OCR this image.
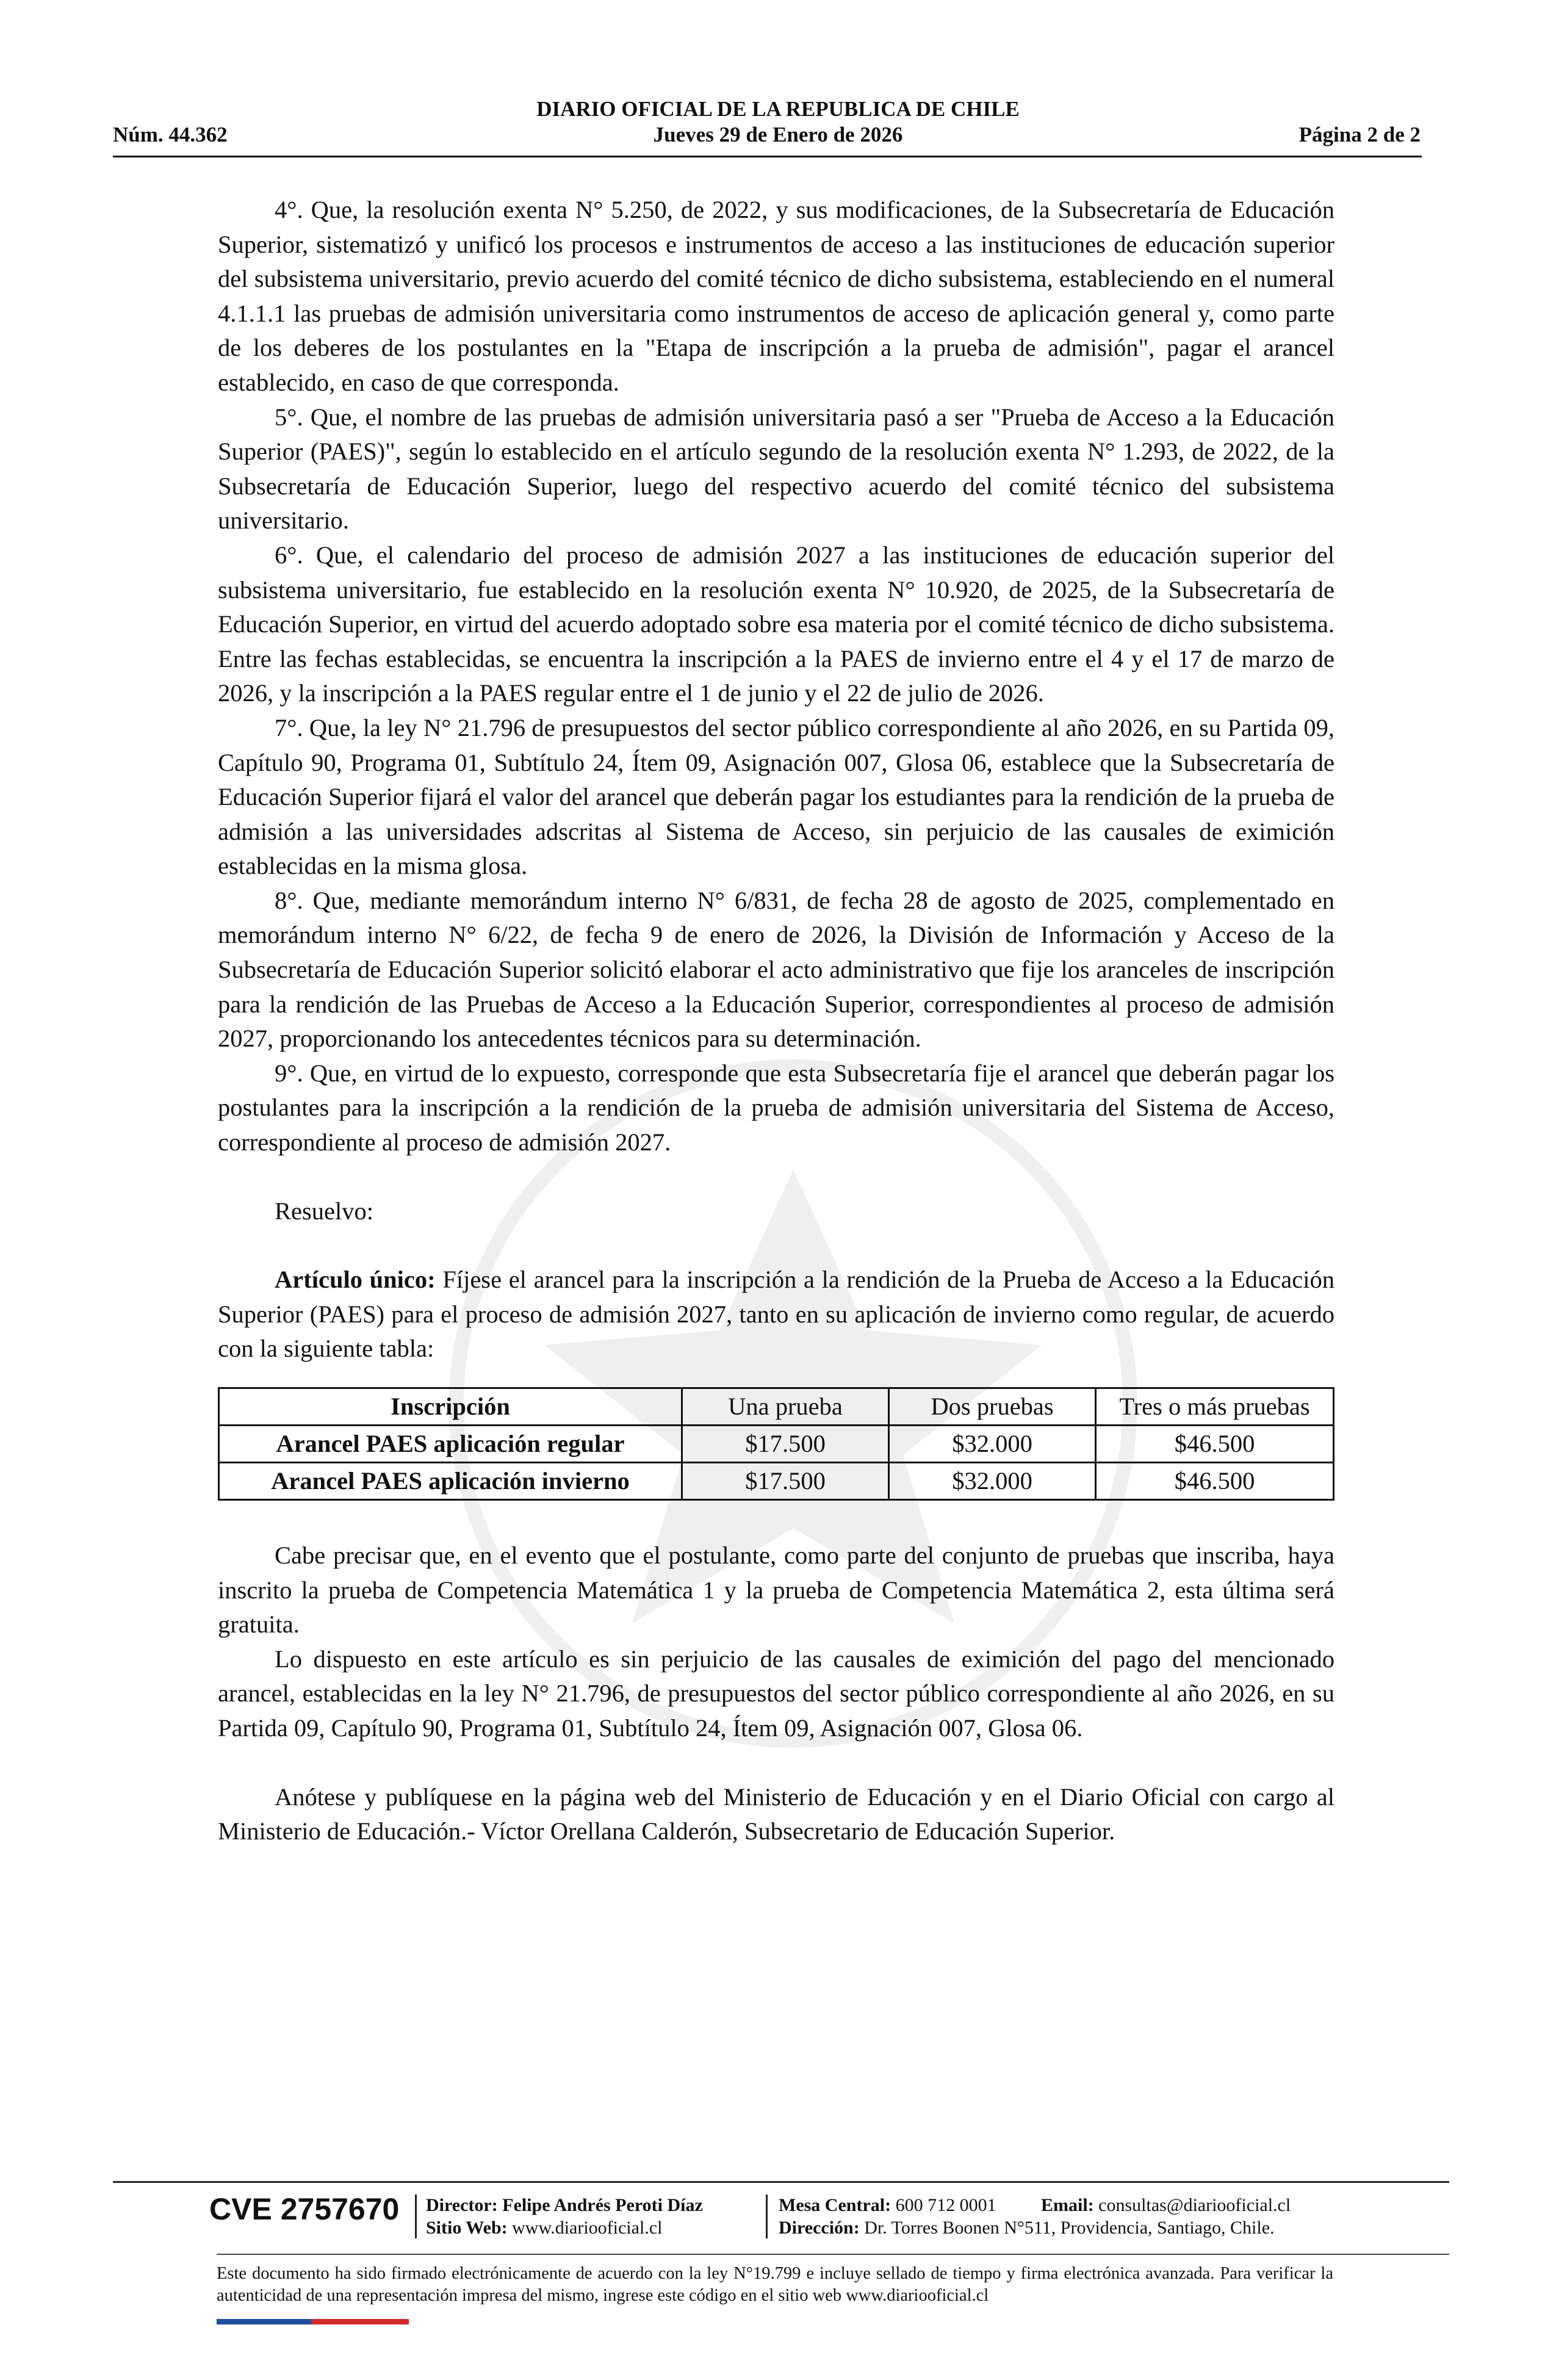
DIARIO OFICIAL DE LA REPUBLICA DE CHILE
Núm. 44.362	Jueves 29 de Enero de 2026	Página 2 de 2

4°. Que, la resolución exenta N° 5.250, de 2022, y sus modificaciones, de la Subsecretaría de Educación Superior, sistematizó y unificó los procesos e instrumentos de acceso a las instituciones de educación superior del subsistema universitario, previo acuerdo del comité técnico de dicho subsistema, estableciendo en el numeral 4.1.1.1 las pruebas de admisión universitaria como instrumentos de acceso de aplicación general y, como parte de los deberes de los postulantes en la "Etapa de inscripción a la prueba de admisión", pagar el arancel establecido, en caso de que corresponda.

5°. Que, el nombre de las pruebas de admisión universitaria pasó a ser "Prueba de Acceso a la Educación Superior (PAES)", según lo establecido en el artículo segundo de la resolución exenta N° 1.293, de 2022, de la Subsecretaría de Educación Superior, luego del respectivo acuerdo del comité técnico del subsistema universitario.

6°. Que, el calendario del proceso de admisión 2027 a las instituciones de educación superior del subsistema universitario, fue establecido en la resolución exenta N° 10.920, de 2025, de la Subsecretaría de Educación Superior, en virtud del acuerdo adoptado sobre esa materia por el comité técnico de dicho subsistema. Entre las fechas establecidas, se encuentra la inscripción a la PAES de invierno entre el 4 y el 17 de marzo de 2026, y la inscripción a la PAES regular entre el 1 de junio y el 22 de julio de 2026.

7°. Que, la ley N° 21.796 de presupuestos del sector público correspondiente al año 2026, en su Partida 09, Capítulo 90, Programa 01, Subtítulo 24, Ítem 09, Asignación 007, Glosa 06, establece que la Subsecretaría de Educación Superior fijará el valor del arancel que deberán pagar los estudiantes para la rendición de la prueba de admisión a las universidades adscritas al Sistema de Acceso, sin perjuicio de las causales de eximición establecidas en la misma glosa.

8°. Que, mediante memorándum interno N° 6/831, de fecha 28 de agosto de 2025, complementado en memorándum interno N° 6/22, de fecha 9 de enero de 2026, la División de Información y Acceso de la Subsecretaría de Educación Superior solicitó elaborar el acto administrativo que fije los aranceles de inscripción para la rendición de las Pruebas de Acceso a la Educación Superior, correspondientes al proceso de admisión 2027, proporcionando los antecedentes técnicos para su determinación.

9°. Que, en virtud de lo expuesto, corresponde que esta Subsecretaría fije el arancel que deberán pagar los postulantes para la inscripción a la rendición de la prueba de admisión universitaria del Sistema de Acceso, correspondiente al proceso de admisión 2027.

Resuelvo:

Artículo único: Fíjese el arancel para la inscripción a la rendición de la Prueba de Acceso a la Educación Superior (PAES) para el proceso de admisión 2027, tanto en su aplicación de invierno como regular, de acuerdo con la siguiente tabla:

Inscripción	Una prueba	Dos pruebas	Tres o más pruebas
Arancel PAES aplicación regular	$17.500	$32.000	$46.500
Arancel PAES aplicación invierno	$17.500	$32.000	$46.500

Cabe precisar que, en el evento que el postulante, como parte del conjunto de pruebas que inscriba, haya inscrito la prueba de Competencia Matemática 1 y la prueba de Competencia Matemática 2, esta última será gratuita.

Lo dispuesto en este artículo es sin perjuicio de las causales de eximición del pago del mencionado arancel, establecidas en la ley N° 21.796, de presupuestos del sector público correspondiente al año 2026, en su Partida 09, Capítulo 90, Programa 01, Subtítulo 24, Ítem 09, Asignación 007, Glosa 06.

Anótese y publíquese en la página web del Ministerio de Educación y en el Diario Oficial con cargo al Ministerio de Educación.- Víctor Orellana Calderón, Subsecretario de Educación Superior.

CVE 2757670 Director: Felipe Andrés Peroti Díaz
Sitio Web: www.diariooficial.cl
Mesa Central: 600 712 0001 Email: consultas@diariooficial.cl
Dirección: Dr. Torres Boonen N°511, Providencia, Santiago, Chile.
Este documento ha sido firmado electrónicamente de acuerdo con la ley N°19.799 e incluye sellado de tiempo y firma electrónica avanzada. Para verificar la autenticidad de una representación impresa del mismo, ingrese este código en el sitio web www.diariooficial.cl
